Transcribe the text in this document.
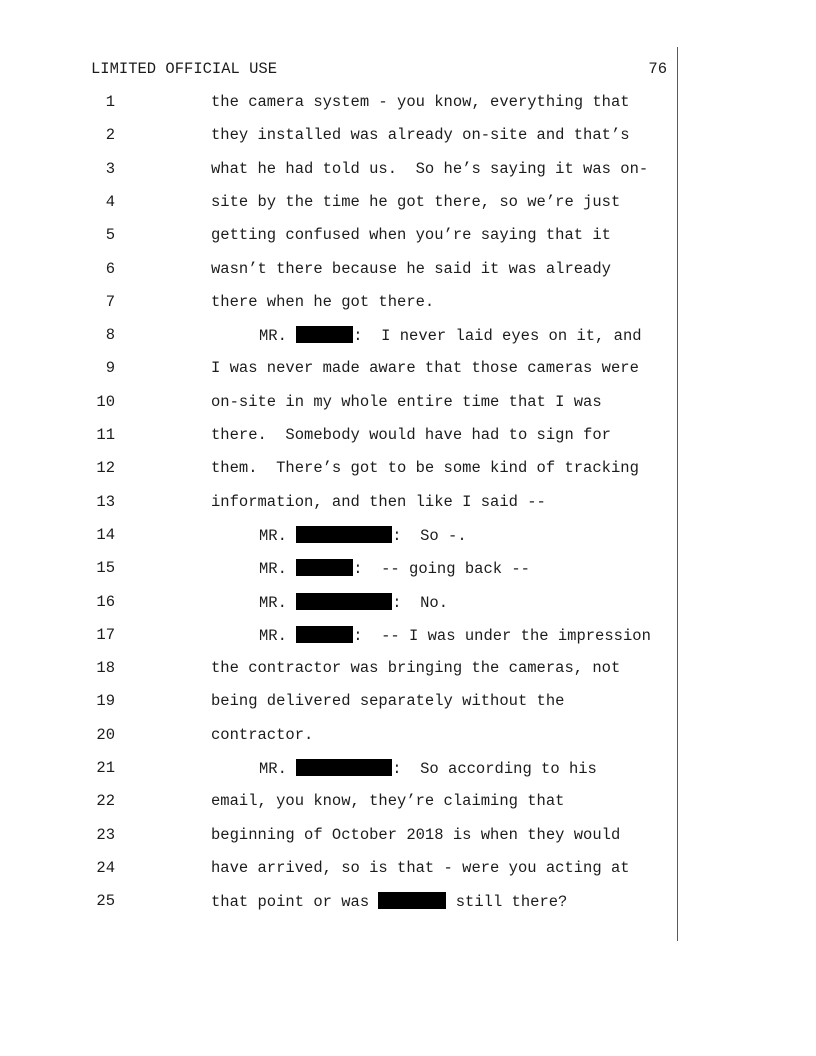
LIMITED OFFICIAL USE	76
1	the camera system - you know, everything that
2	they installed was already on-site and that’s
3	what he had told us.  So he’s saying it was on-
4	site by the time he got there, so we’re just
5	getting confused when you’re saying that it
6	wasn’t there because he said it was already
7	there when he got there.
8	MR.	:  I never laid eyes on it, and
9	I was never made aware that those cameras were
10	on-site in my whole entire time that I was
11	there.  Somebody would have had to sign for
12	them.  There’s got to be some kind of tracking
13	information, and then like I said --
14	MR.	:  So -.
15	MR.	:  -- going back --
16	MR.	:  No.
17	MR.	:  -- I was under the impression
18	the contractor was bringing the cameras, not
19	being delivered separately without the
20	contractor.
21	MR.	:  So according to his
22	email, you know, they’re claiming that
23	beginning of October 2018 is when they would
24	have arrived, so is that - were you acting at
25	that point or was	still there?
